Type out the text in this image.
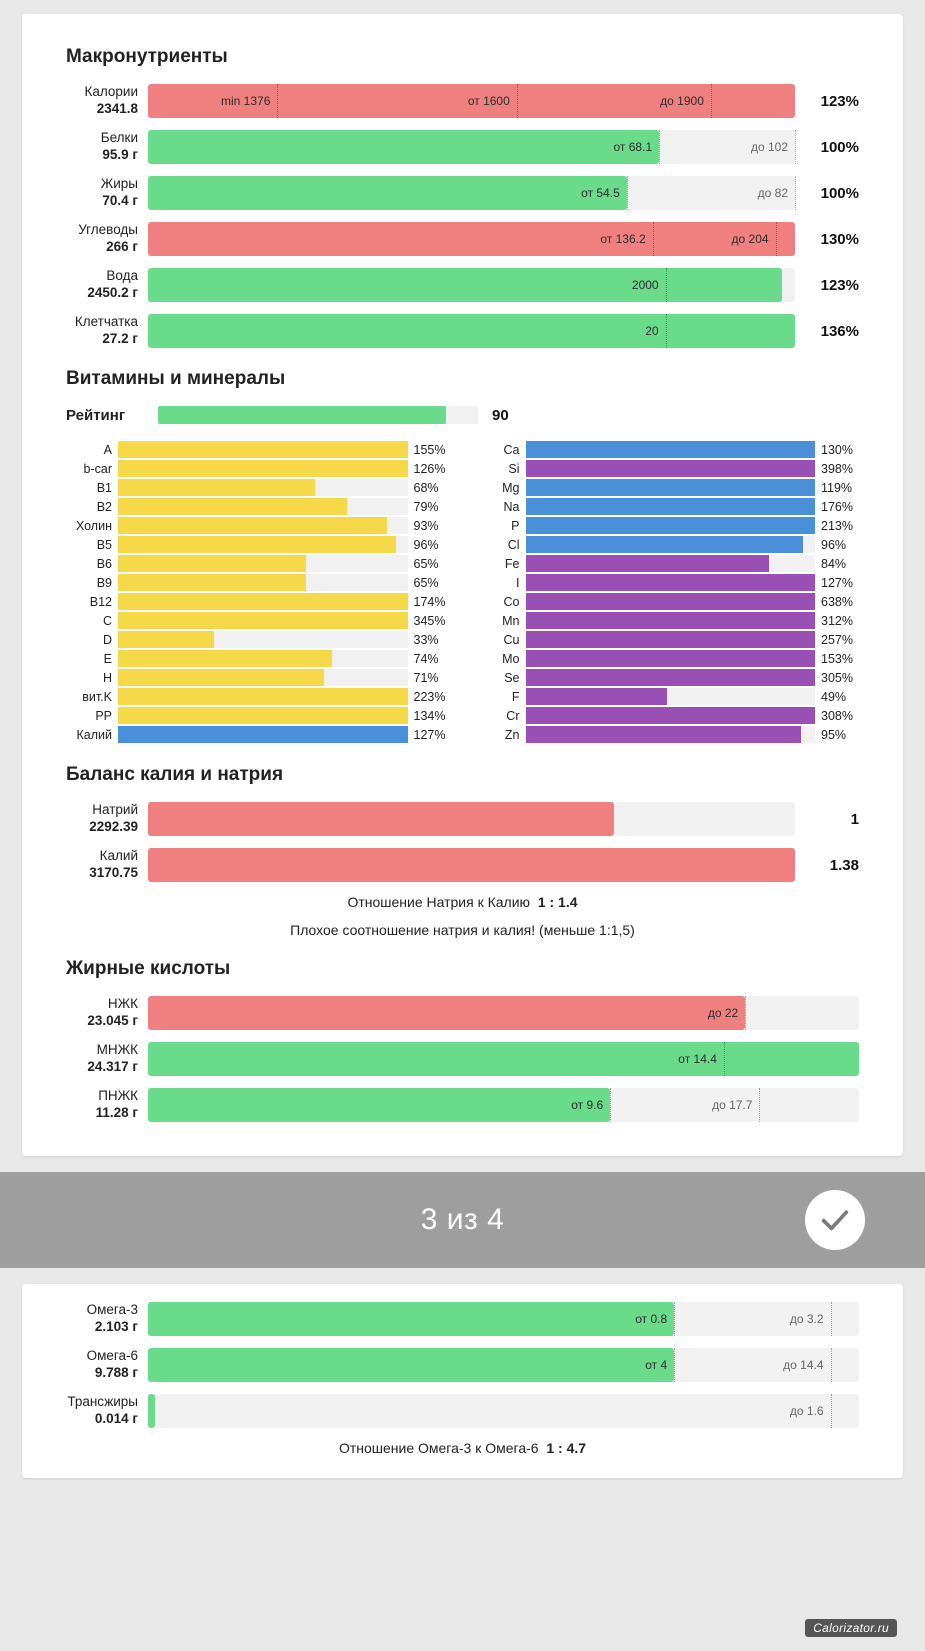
Макронутриенты
Калории
2341.8	min 1376	от 1600	до 1900	123%
Белки
95.9 г	от 68.1	до 102	100%
Жиры
70.4 г	от 54.5	до 82	100%
Углеводы
266 г	от 136.2	до 204	130%
Вода
2450.2 г	2000	123%
Клетчатка
27.2 г	20	136%
Витамины и минералы
Рейтинг	90
A	155%
b-car	126%
B1	68%
B2	79%
Холин	93%
B5	96%
B6	65%
B9	65%
B12	174%
C	345%
D	33%
E	74%
H	71%
вит.K	223%
PP	134%
Калий	127%
Ca	130%
Si	398%
Mg	119%
Na	176%
P	213%
Cl	96%
Fe	84%
I	127%
Co	638%
Mn	312%
Cu	257%
Mo	153%
Se	305%
F	49%
Cr	308%
Zn	95%
Баланс калия и натрия
Натрий
2292.39	1
Калий
3170.75	1.38
Отношение Натрия к Калию 1 : 1.4
Плохое соотношение натрия и калия! (меньше 1:1,5)
Жирные кислоты
НЖК
23.045 г	до 22
МНЖК
24.317 г	от 14.4
ПНЖК
11.28 г	от 9.6	до 17.7
3 из 4
Омега-3
2.103 г	от 0.8	до 3.2
Омега-6
9.788 г	от 4	до 14.4
Трансжиры
0.014 г	до 1.6
Отношение Омега-3 к Омега-6 1 : 4.7
Calorizator.ru
